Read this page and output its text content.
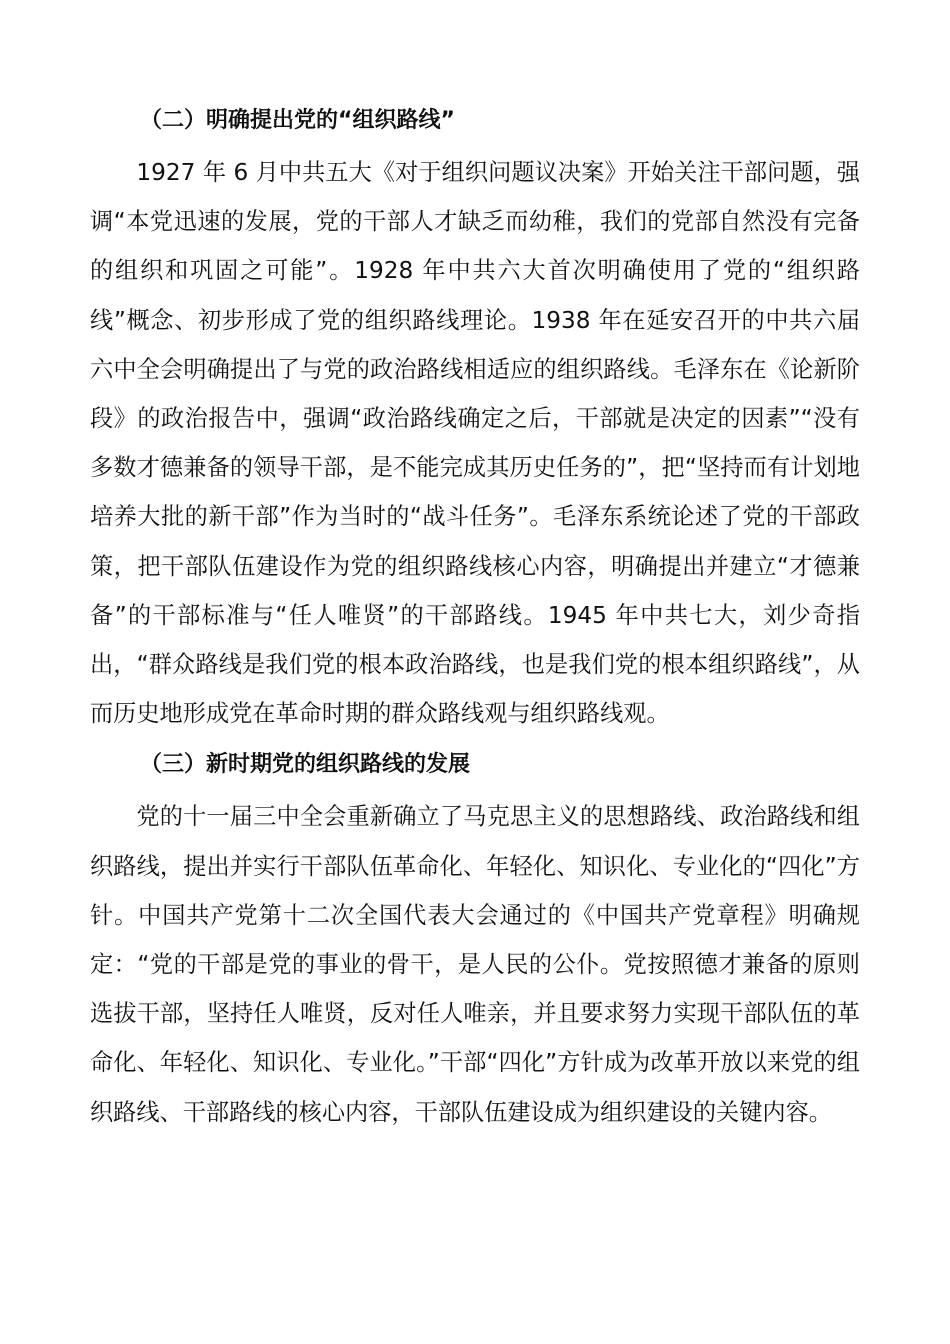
（二）明确提出党的“组织路线”

1927 年 6 月中共五大《对于组织问题议决案》开始关注干部问题，强调“本党迅速的发展，党的干部人才缺乏而幼稚，我们的党部自然没有完备的组织和巩固之可能”。1928 年中共六大首次明确使用了党的“组织路线”概念、初步形成了党的组织路线理论。1938 年在延安召开的中共六届六中全会明确提出了与党的政治路线相适应的组织路线。毛泽东在《论新阶段》的政治报告中，强调“政治路线确定之后，干部就是决定的因素”“没有多数才德兼备的领导干部，是不能完成其历史任务的”，把“坚持而有计划地培养大批的新干部”作为当时的“战斗任务”。毛泽东系统论述了党的干部政策，把干部队伍建设作为党的组织路线核心内容，明确提出并建立“才德兼备”的干部标准与“任人唯贤”的干部路线。1945 年中共七大，刘少奇指出，“群众路线是我们党的根本政治路线，也是我们党的根本组织路线”，从而历史地形成党在革命时期的群众路线观与组织路线观。

（三）新时期党的组织路线的发展

党的十一届三中全会重新确立了马克思主义的思想路线、政治路线和组织路线，提出并实行干部队伍革命化、年轻化、知识化、专业化的“四化”方针。中国共产党第十二次全国代表大会通过的《中国共产党章程》明确规定：“党的干部是党的事业的骨干，是人民的公仆。党按照德才兼备的原则选拔干部，坚持任人唯贤，反对任人唯亲，并且要求努力实现干部队伍的革命化、年轻化、知识化、专业化。”干部“四化”方针成为改革开放以来党的组织路线、干部路线的核心内容，干部队伍建设成为组织建设的关键内容。
